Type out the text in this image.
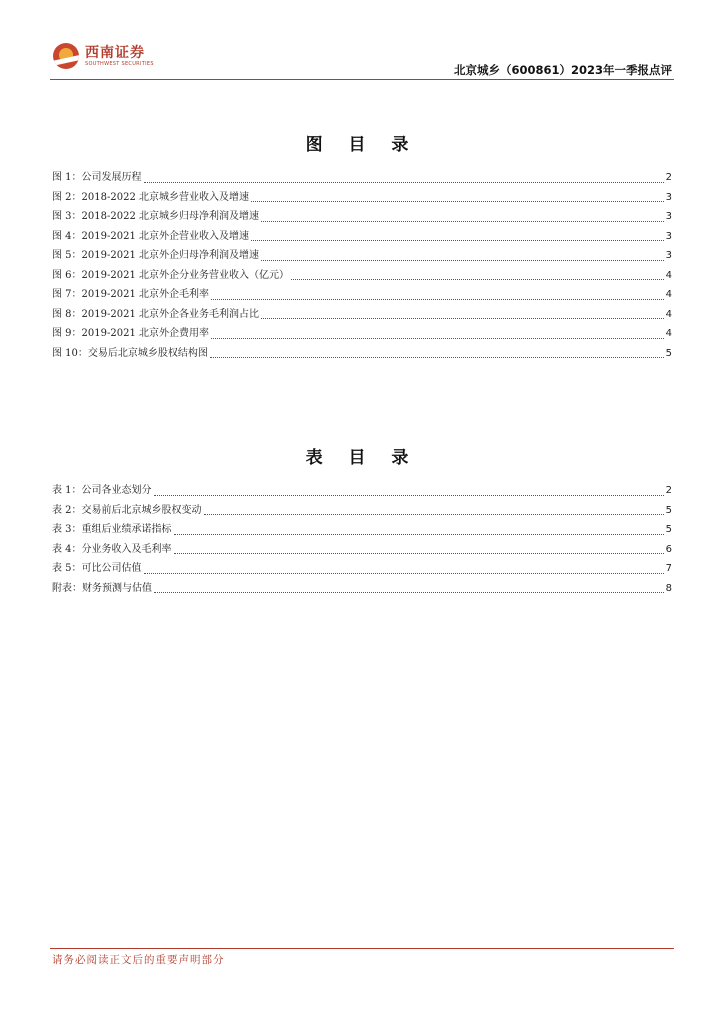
西南证券
SOUTHWEST SECURITIES	北京城乡（600861）2023年一季报点评
图 目 录
图 1：公司发展历程	2
图 2：2018-2022 北京城乡营业收入及增速	3
图 3：2018-2022 北京城乡归母净利润及增速	3
图 4：2019-2021 北京外企营业收入及增速	3
图 5：2019-2021 北京外企归母净利润及增速	3
图 6：2019-2021 北京外企分业务营业收入（亿元）	4
图 7：2019-2021 北京外企毛利率	4
图 8：2019-2021 北京外企各业务毛利润占比	4
图 9：2019-2021 北京外企费用率	4
图 10：交易后北京城乡股权结构图	5
表 目 录
表 1：公司各业态划分	2
表 2：交易前后北京城乡股权变动	5
表 3：重组后业绩承诺指标	5
表 4：分业务收入及毛利率	6
表 5：可比公司估值	7
附表：财务预测与估值	8
请务必阅读正文后的重要声明部分
